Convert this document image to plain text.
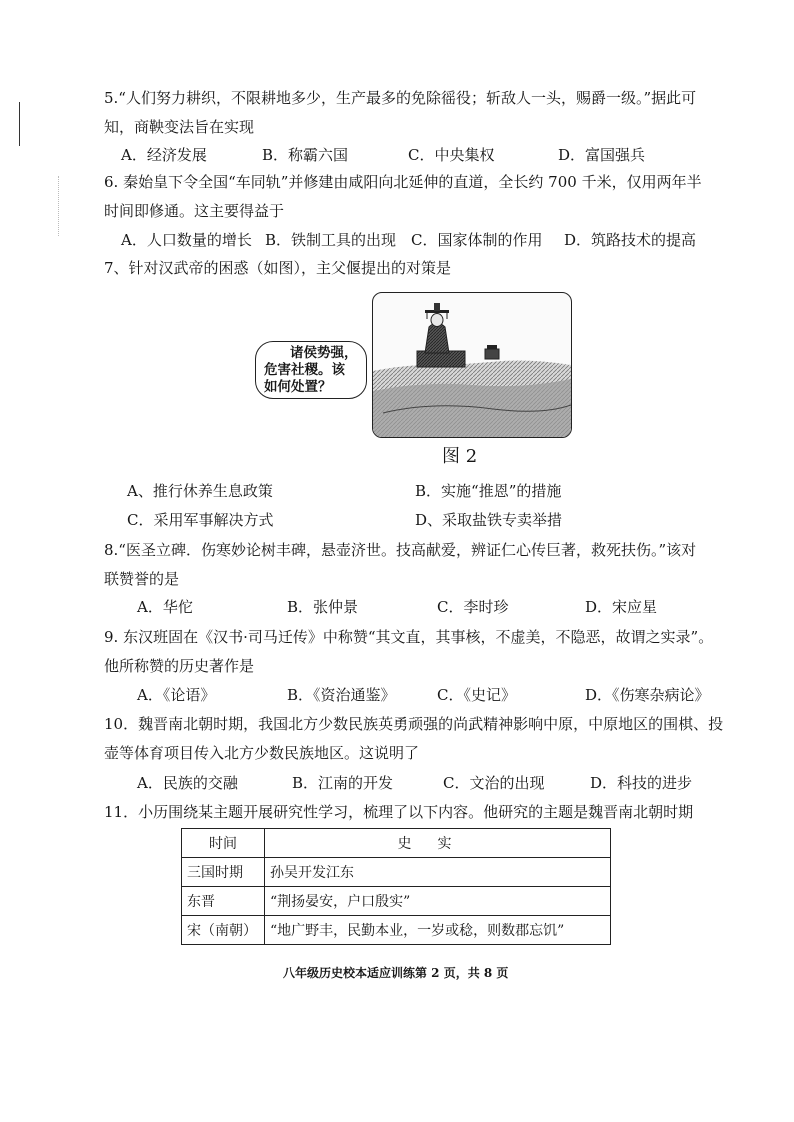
5.“人们努力耕织，不限耕地多少，生产最多的免除徭役；斩敌人一头，赐爵一级。”据此可
知，商鞅变法旨在实现
A．经济发展	B．称霸六国	C．中央集权	D．富国强兵
6. 秦始皇下令全国“车同轨”并修建由咸阳向北延伸的直道，全长约 700 千米，仅用两年半
时间即修通。这主要得益于
A．人口数量的增长 B．铁制工具的出现 C．国家体制的作用 D．筑路技术的提高
7、针对汉武帝的困惑（如图），主父偃提出的对策是
诸侯势强，
危害社稷。该
如何处置？
图 2
A、推行休养生息政策	B．实施“推恩”的措施
C．采用军事解决方式	D、采取盐铁专卖举措
8.“医圣立碑．伤寒妙论树丰碑，悬壶济世。技高献爱，辨证仁心传巨著，救死扶伤。”该对
联赞誉的是
A．华佗	B．张仲景	C．李时珍	D．宋应星
9. 东汉班固在《汉书·司马迁传》中称赞“其文直，其事核，不虚美，不隐恶，故谓之实录”。
他所称赞的历史著作是
A．《论语》	B．《资治通鉴》	C．《史记》	D．《伤寒杂病论》
10．魏晋南北朝时期，我国北方少数民族英勇顽强的尚武精神影响中原，中原地区的围棋、投
壶等体育项目传入北方少数民族地区。这说明了
A．民族的交融	B．江南的开发	C．文治的出现	D．科技的进步
11．小历围绕某主题开展研究性学习，梳理了以下内容。他研究的主题是魏晋南北朝时期
时间	史实
三国时期	孙吴开发江东
东晋	“荆扬晏安，户口殷实”
宋（南朝）	“地广野丰，民勤本业，一岁或稔，则数郡忘饥”
八年级历史校本适应训练第 2 页，共 8 页
